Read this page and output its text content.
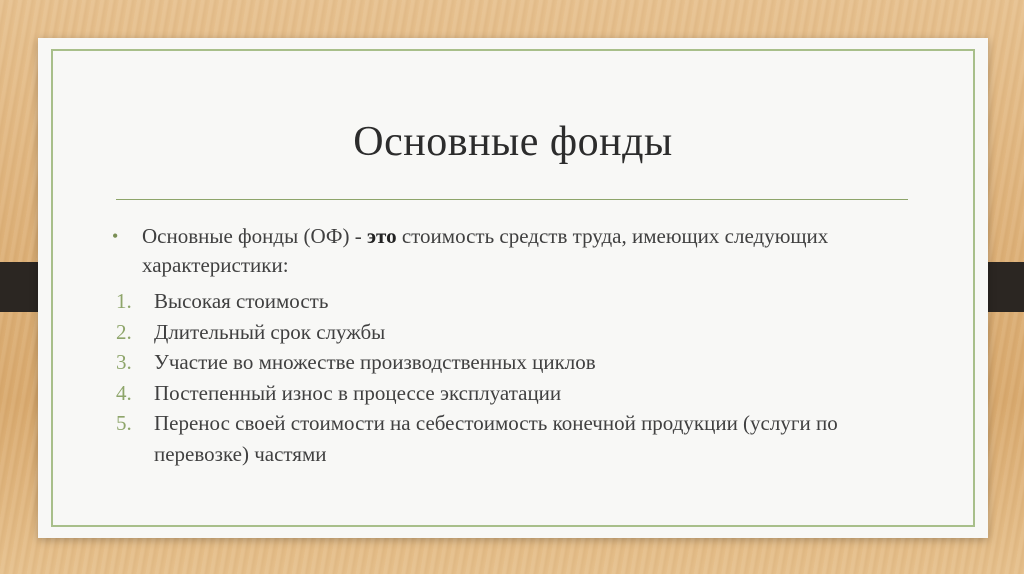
Основные фонды
• Основные фонды (ОФ) - это стоимость средств труда, имеющих следующих характеристики:
1. Высокая стоимость
2. Длительный срок службы
3. Участие во множестве производственных циклов
4. Постепенный износ в процессе эксплуатации
5. Перенос своей стоимости на себестоимость конечной продукции (услуги по перевозке) частями
